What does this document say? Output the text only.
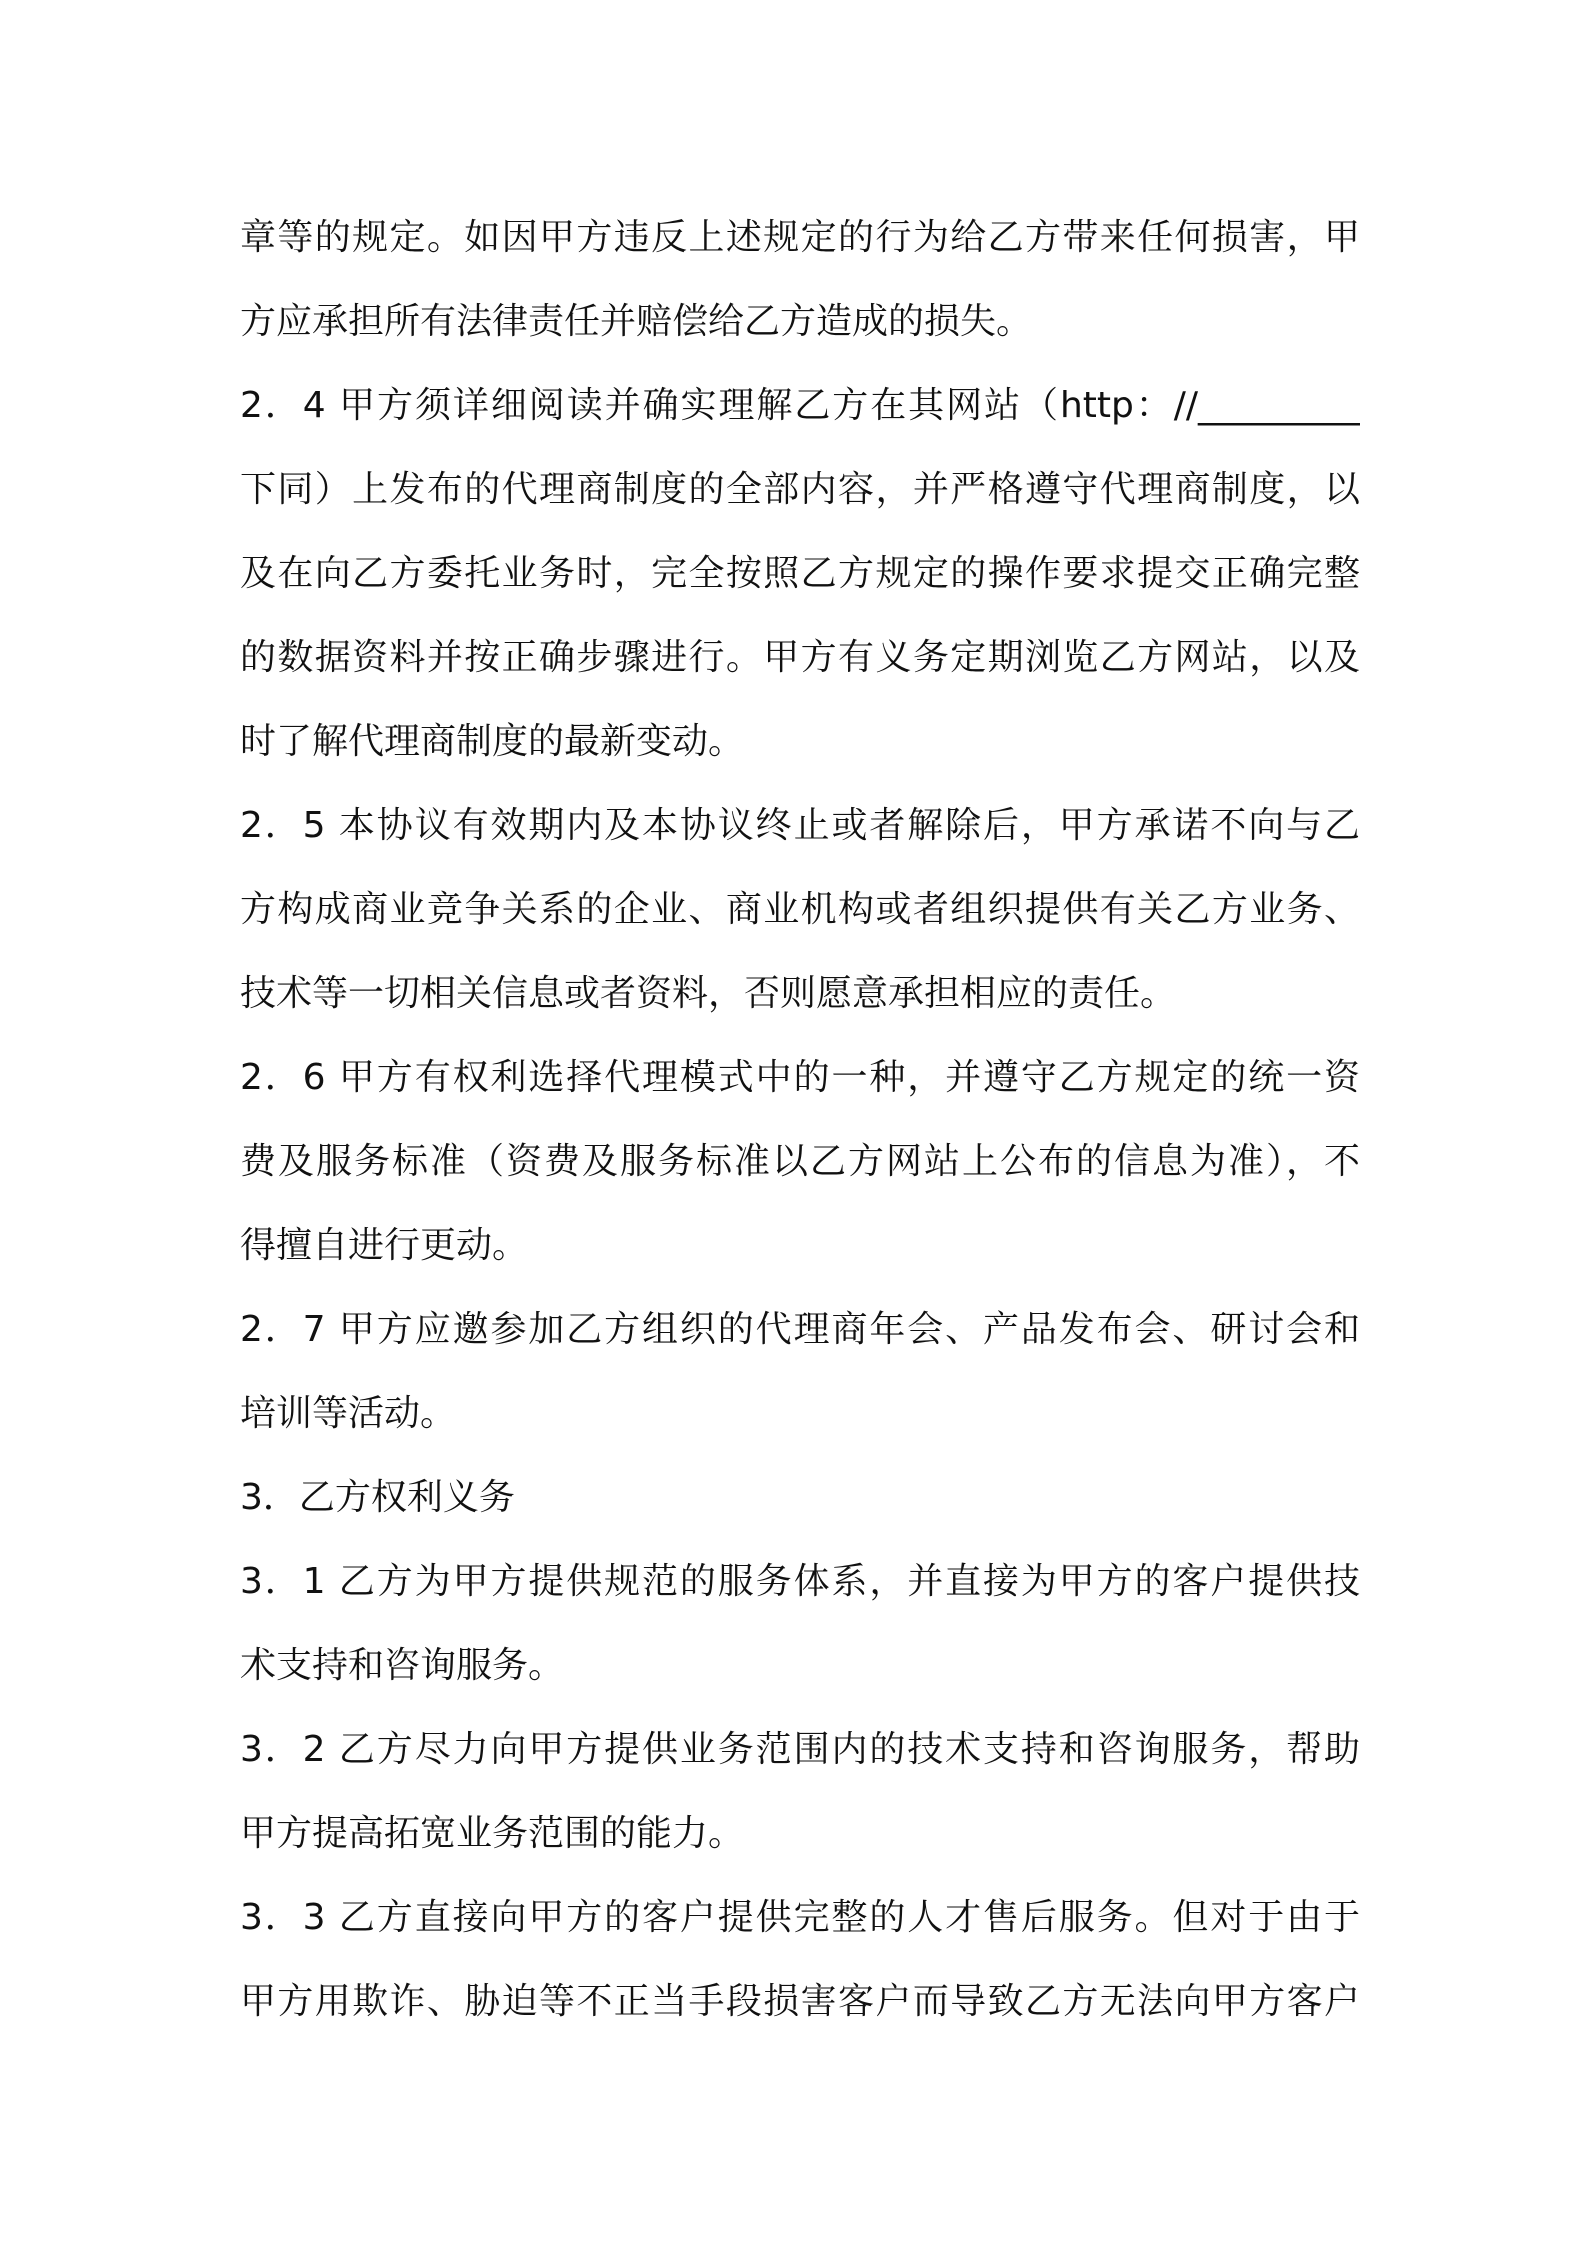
章等的规定。如因甲方违反上述规定的行为给乙方带来任何损害，甲
方应承担所有法律责任并赔偿给乙方造成的损失。
2．4 甲方须详细阅读并确实理解乙方在其网站（http：//_________
下同）上发布的代理商制度的全部内容，并严格遵守代理商制度，以
及在向乙方委托业务时，完全按照乙方规定的操作要求提交正确完整
的数据资料并按正确步骤进行。甲方有义务定期浏览乙方网站，以及
时了解代理商制度的最新变动。
2．5 本协议有效期内及本协议终止或者解除后，甲方承诺不向与乙
方构成商业竞争关系的企业、商业机构或者组织提供有关乙方业务、
技术等一切相关信息或者资料，否则愿意承担相应的责任。
2．6 甲方有权利选择代理模式中的一种，并遵守乙方规定的统一资
费及服务标准（资费及服务标准以乙方网站上公布的信息为准），不
得擅自进行更动。
2．7 甲方应邀参加乙方组织的代理商年会、产品发布会、研讨会和
培训等活动。
3．乙方权利义务
3．1 乙方为甲方提供规范的服务体系，并直接为甲方的客户提供技
术支持和咨询服务。
3．2 乙方尽力向甲方提供业务范围内的技术支持和咨询服务，帮助
甲方提高拓宽业务范围的能力。
3．3 乙方直接向甲方的客户提供完整的人才售后服务。但对于由于
甲方用欺诈、胁迫等不正当手段损害客户而导致乙方无法向甲方客户
